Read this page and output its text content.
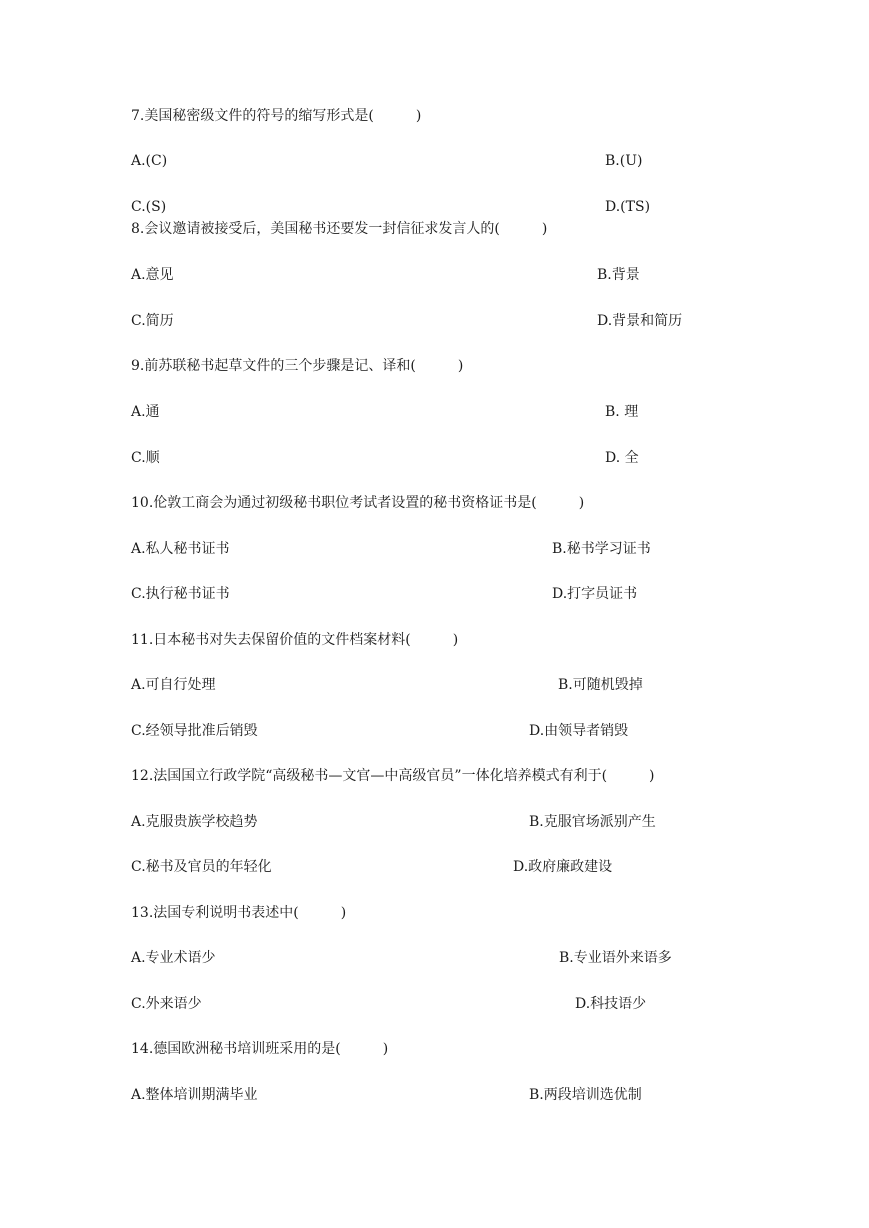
7.美国秘密级文件的符号的缩写形式是(　　　)
A.(C)	B.(U)
C.(S)	D.(TS)
8.会议邀请被接受后，美国秘书还要发一封信征求发言人的(　　　)
A.意见	B.背景
C.简历	D.背景和简历
9.前苏联秘书起草文件的三个步骤是记、译和(　　　)
A.通	B. 理
C.顺	D. 全
10.伦敦工商会为通过初级秘书职位考试者设置的秘书资格证书是(　　　)
A.私人秘书证书	B.秘书学习证书
C.执行秘书证书	D.打字员证书
11.日本秘书对失去保留价值的文件档案材料(　　　)
A.可自行处理	B.可随机毁掉
C.经领导批准后销毁	D.由领导者销毁
12.法国国立行政学院“高级秘书—文官—中高级官员”一体化培养模式有利于(　　　)
A.克服贵族学校趋势	B.克服官场派别产生
C.秘书及官员的年轻化	D.政府廉政建设
13.法国专利说明书表述中(　　　)
A.专业术语少	B.专业语外来语多
C.外来语少	D.科技语少
14.德国欧洲秘书培训班采用的是(　　　)
A.整体培训期满毕业	B.两段培训选优制
